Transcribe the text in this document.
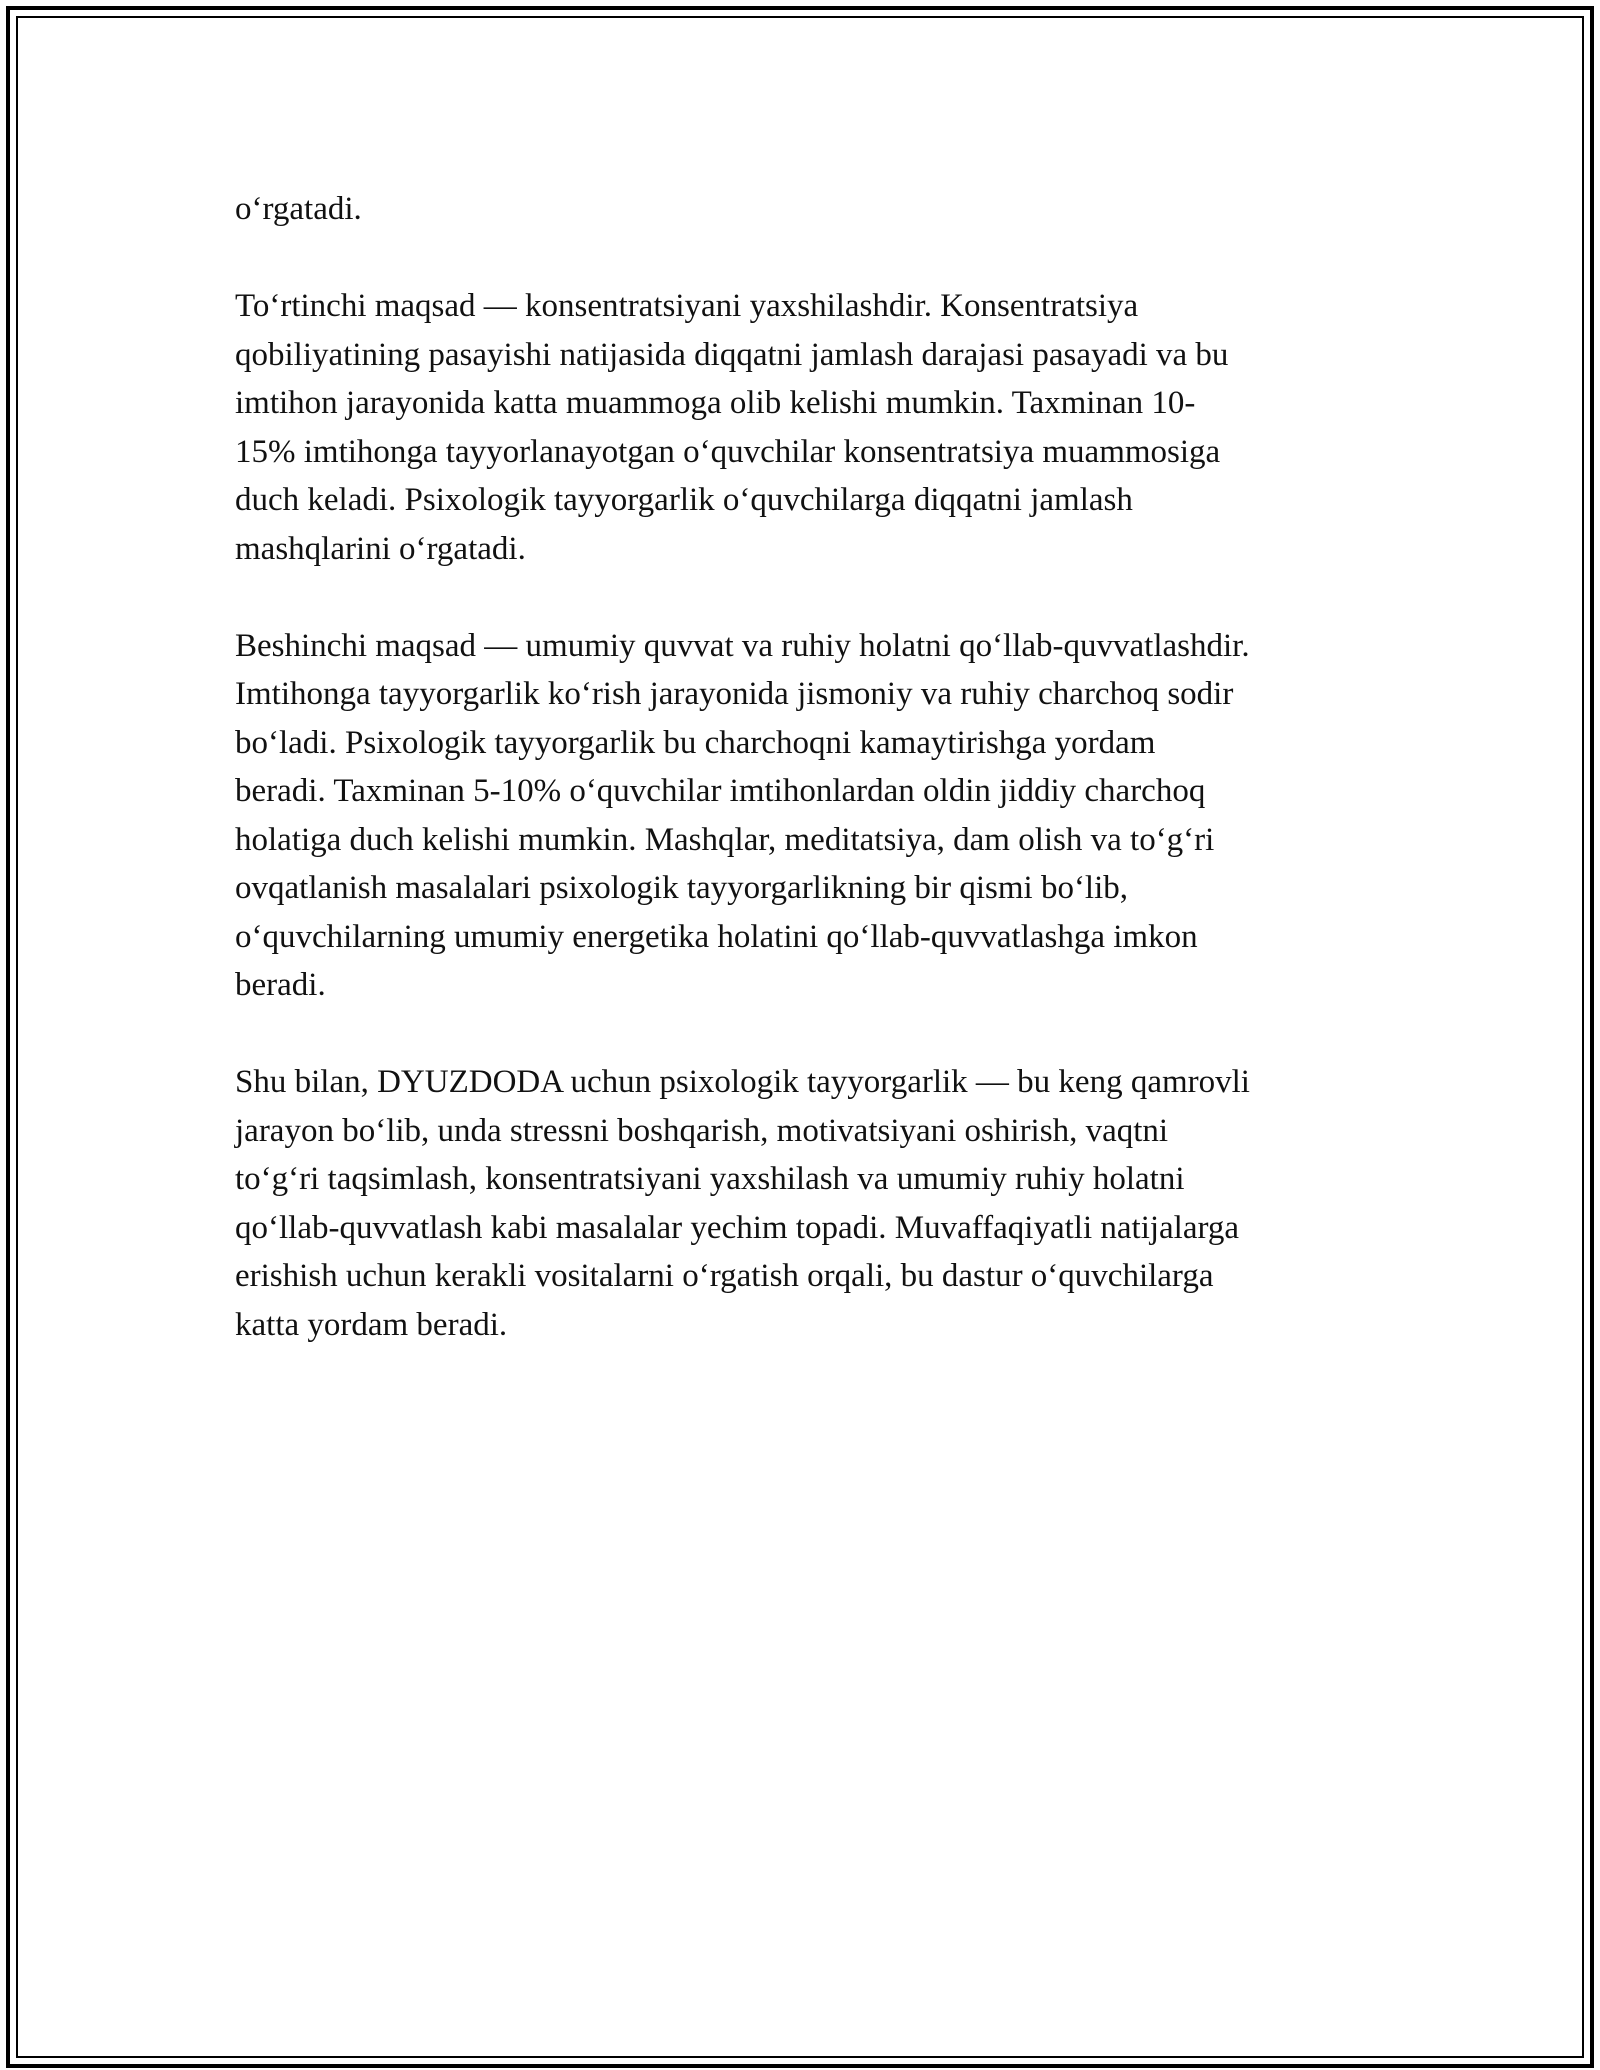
o‘rgatadi.

To‘rtinchi maqsad — konsentratsiyani yaxshilashdir. Konsentratsiya
qobiliyatining pasayishi natijasida diqqatni jamlash darajasi pasayadi va bu
imtihon jarayonida katta muammoga olib kelishi mumkin. Taxminan 10-
15% imtihonga tayyorlanayotgan o‘quvchilar konsentratsiya muammosiga
duch keladi. Psixologik tayyorgarlik o‘quvchilarga diqqatni jamlash
mashqlarini o‘rgatadi.

Beshinchi maqsad — umumiy quvvat va ruhiy holatni qo‘llab-quvvatlashdir.
Imtihonga tayyorgarlik ko‘rish jarayonida jismoniy va ruhiy charchoq sodir
bo‘ladi. Psixologik tayyorgarlik bu charchoqni kamaytirishga yordam
beradi. Taxminan 5-10% o‘quvchilar imtihonlardan oldin jiddiy charchoq
holatiga duch kelishi mumkin. Mashqlar, meditatsiya, dam olish va to‘g‘ri
ovqatlanish masalalari psixologik tayyorgarlikning bir qismi bo‘lib,
o‘quvchilarning umumiy energetika holatini qo‘llab-quvvatlashga imkon
beradi.

Shu bilan, DYUZDODA uchun psixologik tayyorgarlik — bu keng qamrovli
jarayon bo‘lib, unda stressni boshqarish, motivatsiyani oshirish, vaqtni
to‘g‘ri taqsimlash, konsentratsiyani yaxshilash va umumiy ruhiy holatni
qo‘llab-quvvatlash kabi masalalar yechim topadi. Muvaffaqiyatli natijalarga
erishish uchun kerakli vositalarni o‘rgatish orqali, bu dastur o‘quvchilarga
katta yordam beradi.
